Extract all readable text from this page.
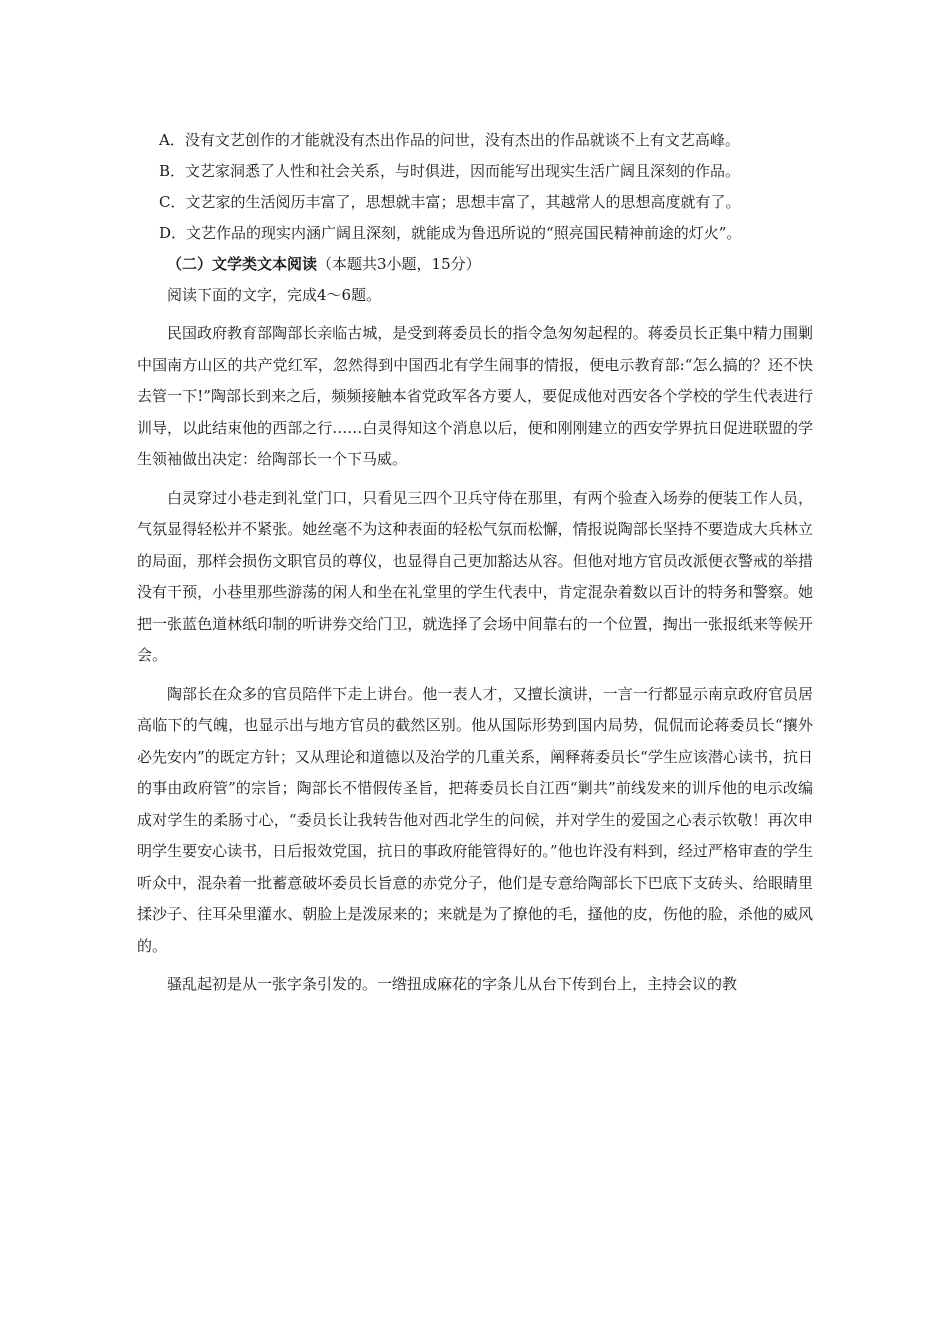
A．没有文艺创作的才能就没有杰出作品的问世，没有杰出的作品就谈不上有文艺高峰。

B．文艺家洞悉了人性和社会关系，与时俱进，因而能写出现实生活广阔且深刻的作品。

C．文艺家的生活阅历丰富了，思想就丰富；思想丰富了，其越常人的思想高度就有了。

D．文艺作品的现实内涵广阔且深刻，就能成为鲁迅所说的“照亮国民精神前途的灯火”。

（二）文学类文本阅读（本题共3小题，15分）

阅读下面的文字，完成4～6题。

民国政府教育部陶部长亲临古城，是受到蒋委员长的指令急匆匆起程的。蒋委员长正集中精力围剿中国南方山区的共产党红军，忽然得到中国西北有学生闹事的情报，便电示教育部:“怎么搞的？还不快去管一下!”陶部长到来之后，频频接触本省党政军各方要人，要促成他对西安各个学校的学生代表进行训导，以此结束他的西部之行……白灵得知这个消息以后，便和刚刚建立的西安学界抗日促进联盟的学生领袖做出决定：给陶部长一个下马威。

白灵穿过小巷走到礼堂门口，只看见三四个卫兵守侍在那里，有两个验查入场券的便装工作人员，气氛显得轻松并不紧张。她丝毫不为这种表面的轻松气氛而松懈，情报说陶部长坚持不要造成大兵林立的局面，那样会损伤文职官员的尊仪，也显得自己更加豁达从容。但他对地方官员改派便衣警戒的举措没有干预，小巷里那些游荡的闲人和坐在礼堂里的学生代表中，肯定混杂着数以百计的特务和警察。她把一张蓝色道林纸印制的听讲券交给门卫，就选择了会场中间靠右的一个位置，掏出一张报纸来等候开会。

陶部长在众多的官员陪伴下走上讲台。他一表人才，又擅长演讲，一言一行都显示南京政府官员居高临下的气魄，也显示出与地方官员的截然区别。他从国际形势到国内局势，侃侃而论蒋委员长“攘外必先安内”的既定方针；又从理论和道德以及治学的几重关系，阐释蒋委员长“学生应该潜心读书，抗日的事由政府管”的宗旨；陶部长不惜假传圣旨，把蒋委员长自江西“剿共”前线发来的训斥他的电示改编成对学生的柔肠寸心，“委员长让我转告他对西北学生的问候，并对学生的爱国之心表示钦敬！再次申明学生要安心读书，日后报效党国，抗日的事政府能管得好的。”他也许没有料到，经过严格审查的学生听众中，混杂着一批蓄意破坏委员长旨意的赤党分子，他们是专意给陶部长下巴底下支砖头、给眼睛里揉沙子、往耳朵里灌水、朝脸上是泼尿来的；来就是为了撩他的毛，搔他的皮，伤他的脸，杀他的威风的。

骚乱起初是从一张字条引发的。一绺扭成麻花的字条儿从台下传到台上，主持会议的教
